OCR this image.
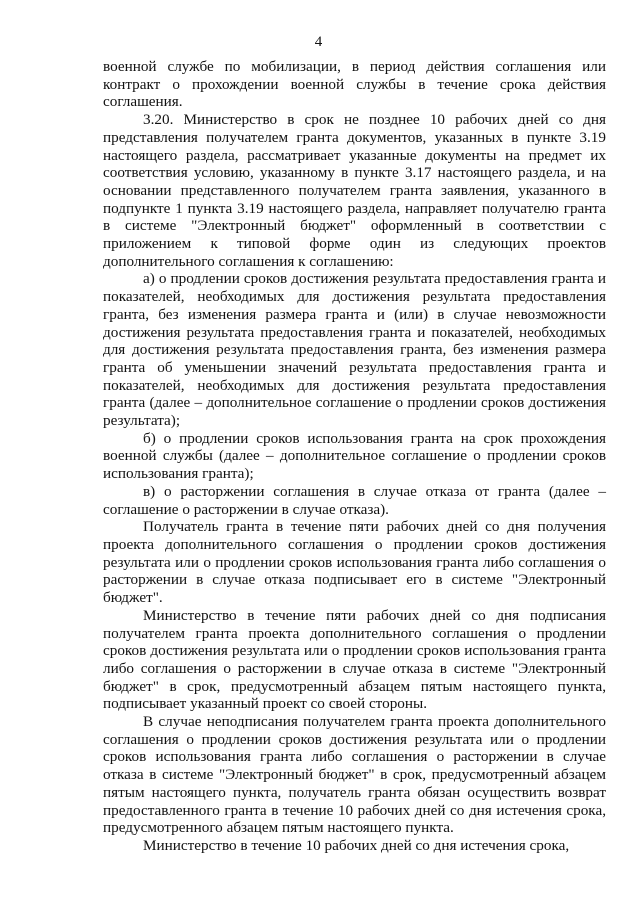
4

военной службе по мобилизации, в период действия соглашения или контракт о прохождении военной службы в течение срока действия соглашения.

3.20. Министерство в срок не позднее 10 рабочих дней со дня представления получателем гранта документов, указанных в пункте 3.19 настоящего раздела, рассматривает указанные документы на предмет их соответствия условию, указанному в пункте 3.17 настоящего раздела, и на основании представленного получателем гранта заявления, указанного в подпункте 1 пункта 3.19 настоящего раздела, направляет получателю гранта в системе "Электронный бюджет" оформленный в соответствии с приложением к типовой форме один из следующих проектов дополнительного соглашения к соглашению:

а) о продлении сроков достижения результата предоставления гранта и показателей, необходимых для достижения результата предоставления гранта, без изменения размера гранта и (или) в случае невозможности достижения результата предоставления гранта и показателей, необходимых для достижения результата предоставления гранта, без изменения размера гранта об уменьшении значений результата предоставления гранта и показателей, необходимых для достижения результата предоставления гранта (далее – дополнительное соглашение о продлении сроков достижения результата);

б) о продлении сроков использования гранта на срок прохождения военной службы (далее – дополнительное соглашение о продлении сроков использования гранта);

в) о расторжении соглашения в случае отказа от гранта (далее – соглашение о расторжении в случае отказа).

Получатель гранта в течение пяти рабочих дней со дня получения проекта дополнительного соглашения о продлении сроков достижения результата или о продлении сроков использования гранта либо соглашения о расторжении в случае отказа подписывает его в системе "Электронный бюджет".

Министерство в течение пяти рабочих дней со дня подписания получателем гранта проекта дополнительного соглашения о продлении сроков достижения результата или о продлении сроков использования гранта либо соглашения о расторжении в случае отказа в системе "Электронный бюджет" в срок, предусмотренный абзацем пятым настоящего пункта, подписывает указанный проект со своей стороны.

В случае неподписания получателем гранта проекта дополнительного соглашения о продлении сроков достижения результата или о продлении сроков использования гранта либо соглашения о расторжении в случае отказа в системе "Электронный бюджет" в срок, предусмотренный абзацем пятым настоящего пункта, получатель гранта обязан осуществить возврат предоставленного гранта в течение 10 рабочих дней со дня истечения срока, предусмотренного абзацем пятым настоящего пункта.

Министерство в течение 10 рабочих дней со дня истечения срока,
